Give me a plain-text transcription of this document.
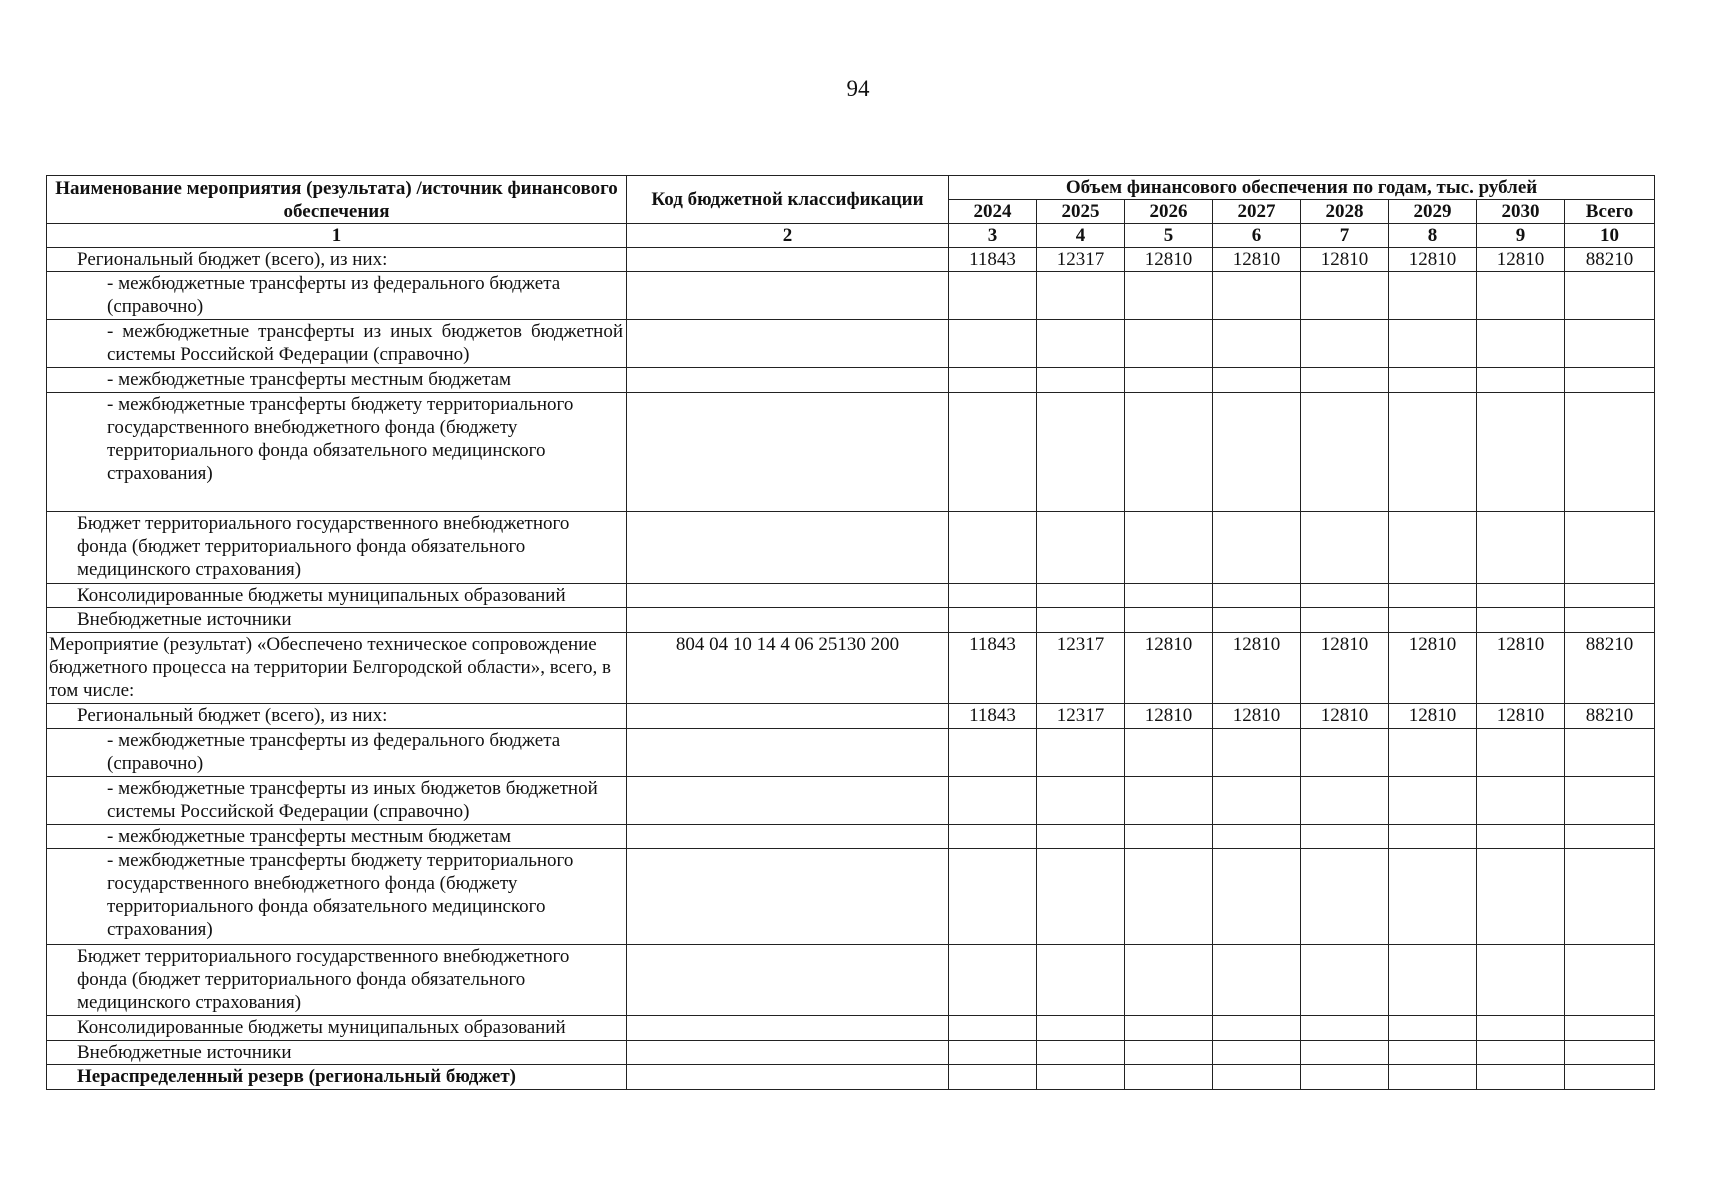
94
Наименование мероприятия (результата) /источник финансового обеспечения	Код бюджетной классификации	Объем финансового обеспечения по годам, тыс. рублей							
		2024	2025	2026	2027	2028	2029	2030	Всего
1	2	3	4	5	6	7	8	9	10
Региональный бюджет (всего), из них:		11843	12317	12810	12810	12810	12810	12810	88210
- межбюджетные трансферты из федерального бюджета (справочно)									
- межбюджетные трансферты из иных бюджетов бюджетной системы Российской Федерации (справочно)									
- межбюджетные трансферты местным бюджетам									
- межбюджетные трансферты бюджету территориального государственного внебюджетного фонда (бюджету территориального фонда обязательного медицинского страхования)									
Бюджет территориального государственного внебюджетного фонда (бюджет территориального фонда обязательного медицинского страхования)									
Консолидированные бюджеты муниципальных образований									
Внебюджетные источники									
Мероприятие (результат) «Обеспечено техническое сопровождение бюджетного процесса на территории Белгородской области», всего, в том числе:	804 04 10 14 4 06 25130 200	11843	12317	12810	12810	12810	12810	12810	88210
Региональный бюджет (всего), из них:		11843	12317	12810	12810	12810	12810	12810	88210
- межбюджетные трансферты из федерального бюджета (справочно)									
- межбюджетные трансферты из иных бюджетов бюджетной системы Российской Федерации (справочно)									
- межбюджетные трансферты местным бюджетам									
- межбюджетные трансферты бюджету территориального государственного внебюджетного фонда (бюджету территориального фонда обязательного медицинского страхования)									
Бюджет территориального государственного внебюджетного фонда (бюджет территориального фонда обязательного медицинского страхования)									
Консолидированные бюджеты муниципальных образований									
Внебюджетные источники									
Нераспределенный резерв (региональный бюджет)									
